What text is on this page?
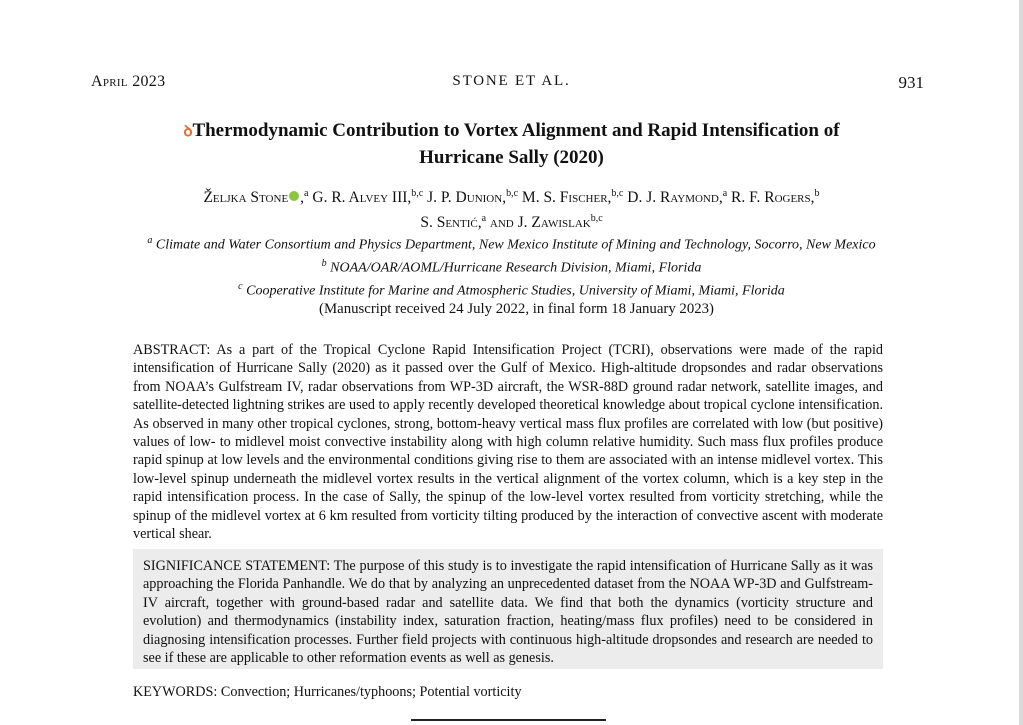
April 2023	STONE ET AL.	931
ꝺThermodynamic Contribution to Vortex Alignment and Rapid Intensification of
Hurricane Sally (2020)
Željka Stone ,$^a$ G. R. Alvey III,$^{b,c}$ J. P. Dunion,$^{b,c}$ M. S. Fischer,$^{b,c}$ D. J. Raymond,$^a$ R. F. Rogers,$^b$
S. Sentić,$^a$ and J. Zawislak$^{b,c}$
$^a$ Climate and Water Consortium and Physics Department, New Mexico Institute of Mining and Technology, Socorro, New Mexico
$^b$ NOAA/OAR/AOML/Hurricane Research Division, Miami, Florida
$^c$ Cooperative Institute for Marine and Atmospheric Studies, University of Miami, Miami, Florida
(Manuscript received 24 July 2022, in final form 18 January 2023)
ABSTRACT: As a part of the Tropical Cyclone Rapid Intensification Project (TCRI), observations were made of the rapid intensification of Hurricane Sally (2020) as it passed over the Gulf of Mexico. High-altitude dropsondes and radar observations from NOAA’s Gulfstream IV, radar observations from WP-3D aircraft, the WSR-88D ground radar network, satellite images, and satellite-detected lightning strikes are used to apply recently developed theoretical knowledge about tropical cyclone intensification. As observed in many other tropical cyclones, strong, bottom-heavy vertical mass flux profiles are correlated with low (but positive) values of low- to midlevel moist convective instability along with high column relative humidity. Such mass flux profiles produce rapid spinup at low levels and the environmental conditions giving rise to them are associated with an intense midlevel vortex. This low-level spinup underneath the midlevel vortex results in the vertical alignment of the vortex column, which is a key step in the rapid intensification process. In the case of Sally, the spinup of the low-level vortex resulted from vorticity stretching, while the spinup of the midlevel vortex at 6 km resulted from vorticity tilting produced by the interaction of convective ascent with moderate vertical shear.
SIGNIFICANCE STATEMENT: The purpose of this study is to investigate the rapid intensification of Hurricane Sally as it was approaching the Florida Panhandle. We do that by analyzing an unprecedented dataset from the NOAA WP-3D and Gulfstream-IV aircraft, together with ground-based radar and satellite data. We find that both the dynamics (vorticity structure and evolution) and thermodynamics (instability index, saturation fraction, heating/mass flux profiles) need to be considered in diagnosing intensification processes. Further field projects with continuous high-altitude dropsondes and research are needed to see if these are applicable to other reformation events as well as genesis.
KEYWORDS: Convection; Hurricanes/typhoons; Potential vorticity
